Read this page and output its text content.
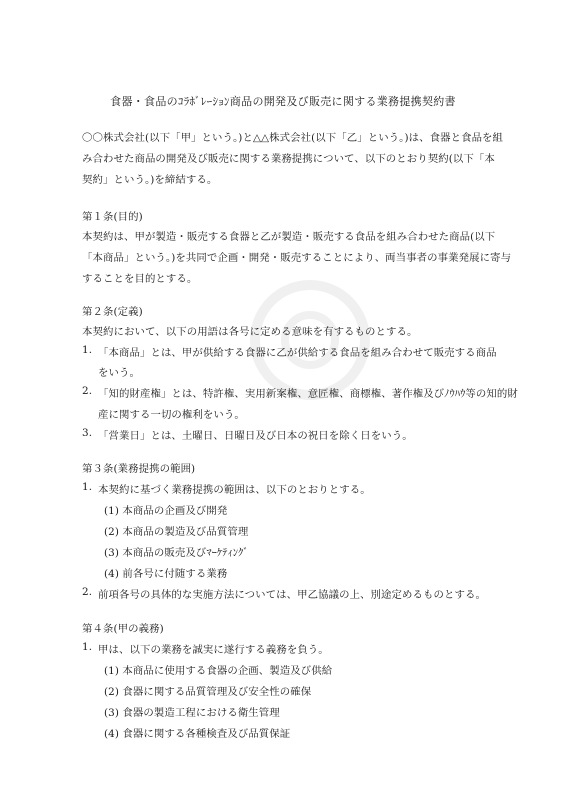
食器・食品のｺﾗﾎﾞﾚｰｼｮﾝ商品の開発及び販売に関する業務提携契約書
〇〇株式会社(以下「甲」という。)と△△株式会社(以下「乙」という。)は、食器と食品を組
み合わせた商品の開発及び販売に関する業務提携について、以下のとおり契約(以下「本
契約」という。)を締結する。
第１条(目的)
本契約は、甲が製造・販売する食器と乙が製造・販売する食品を組み合わせた商品(以下
「本商品」という。)を共同で企画・開発・販売することにより、両当事者の事業発展に寄与
することを目的とする。
第２条(定義)
本契約において、以下の用語は各号に定める意味を有するものとする。
1. 「本商品」とは、甲が供給する食器に乙が供給する食品を組み合わせて販売する商品
をいう。
2. 「知的財産権」とは、特許権、実用新案権、意匠権、商標権、著作権及びﾉｳﾊｳ等の知的財
産に関する一切の権利をいう。
3. 「営業日」とは、土曜日、日曜日及び日本の祝日を除く日をいう。
第３条(業務提携の範囲)
1. 本契約に基づく業務提携の範囲は、以下のとおりとする。
(1) 本商品の企画及び開発
(2) 本商品の製造及び品質管理
(3) 本商品の販売及びﾏｰｹﾃｨﾝｸﾞ
(4) 前各号に付随する業務
2. 前項各号の具体的な実施方法については、甲乙協議の上、別途定めるものとする。
第４条(甲の義務)
1. 甲は、以下の業務を誠実に遂行する義務を負う。
(1) 本商品に使用する食器の企画、製造及び供給
(2) 食器に関する品質管理及び安全性の確保
(3) 食器の製造工程における衛生管理
(4) 食器に関する各種検査及び品質保証
